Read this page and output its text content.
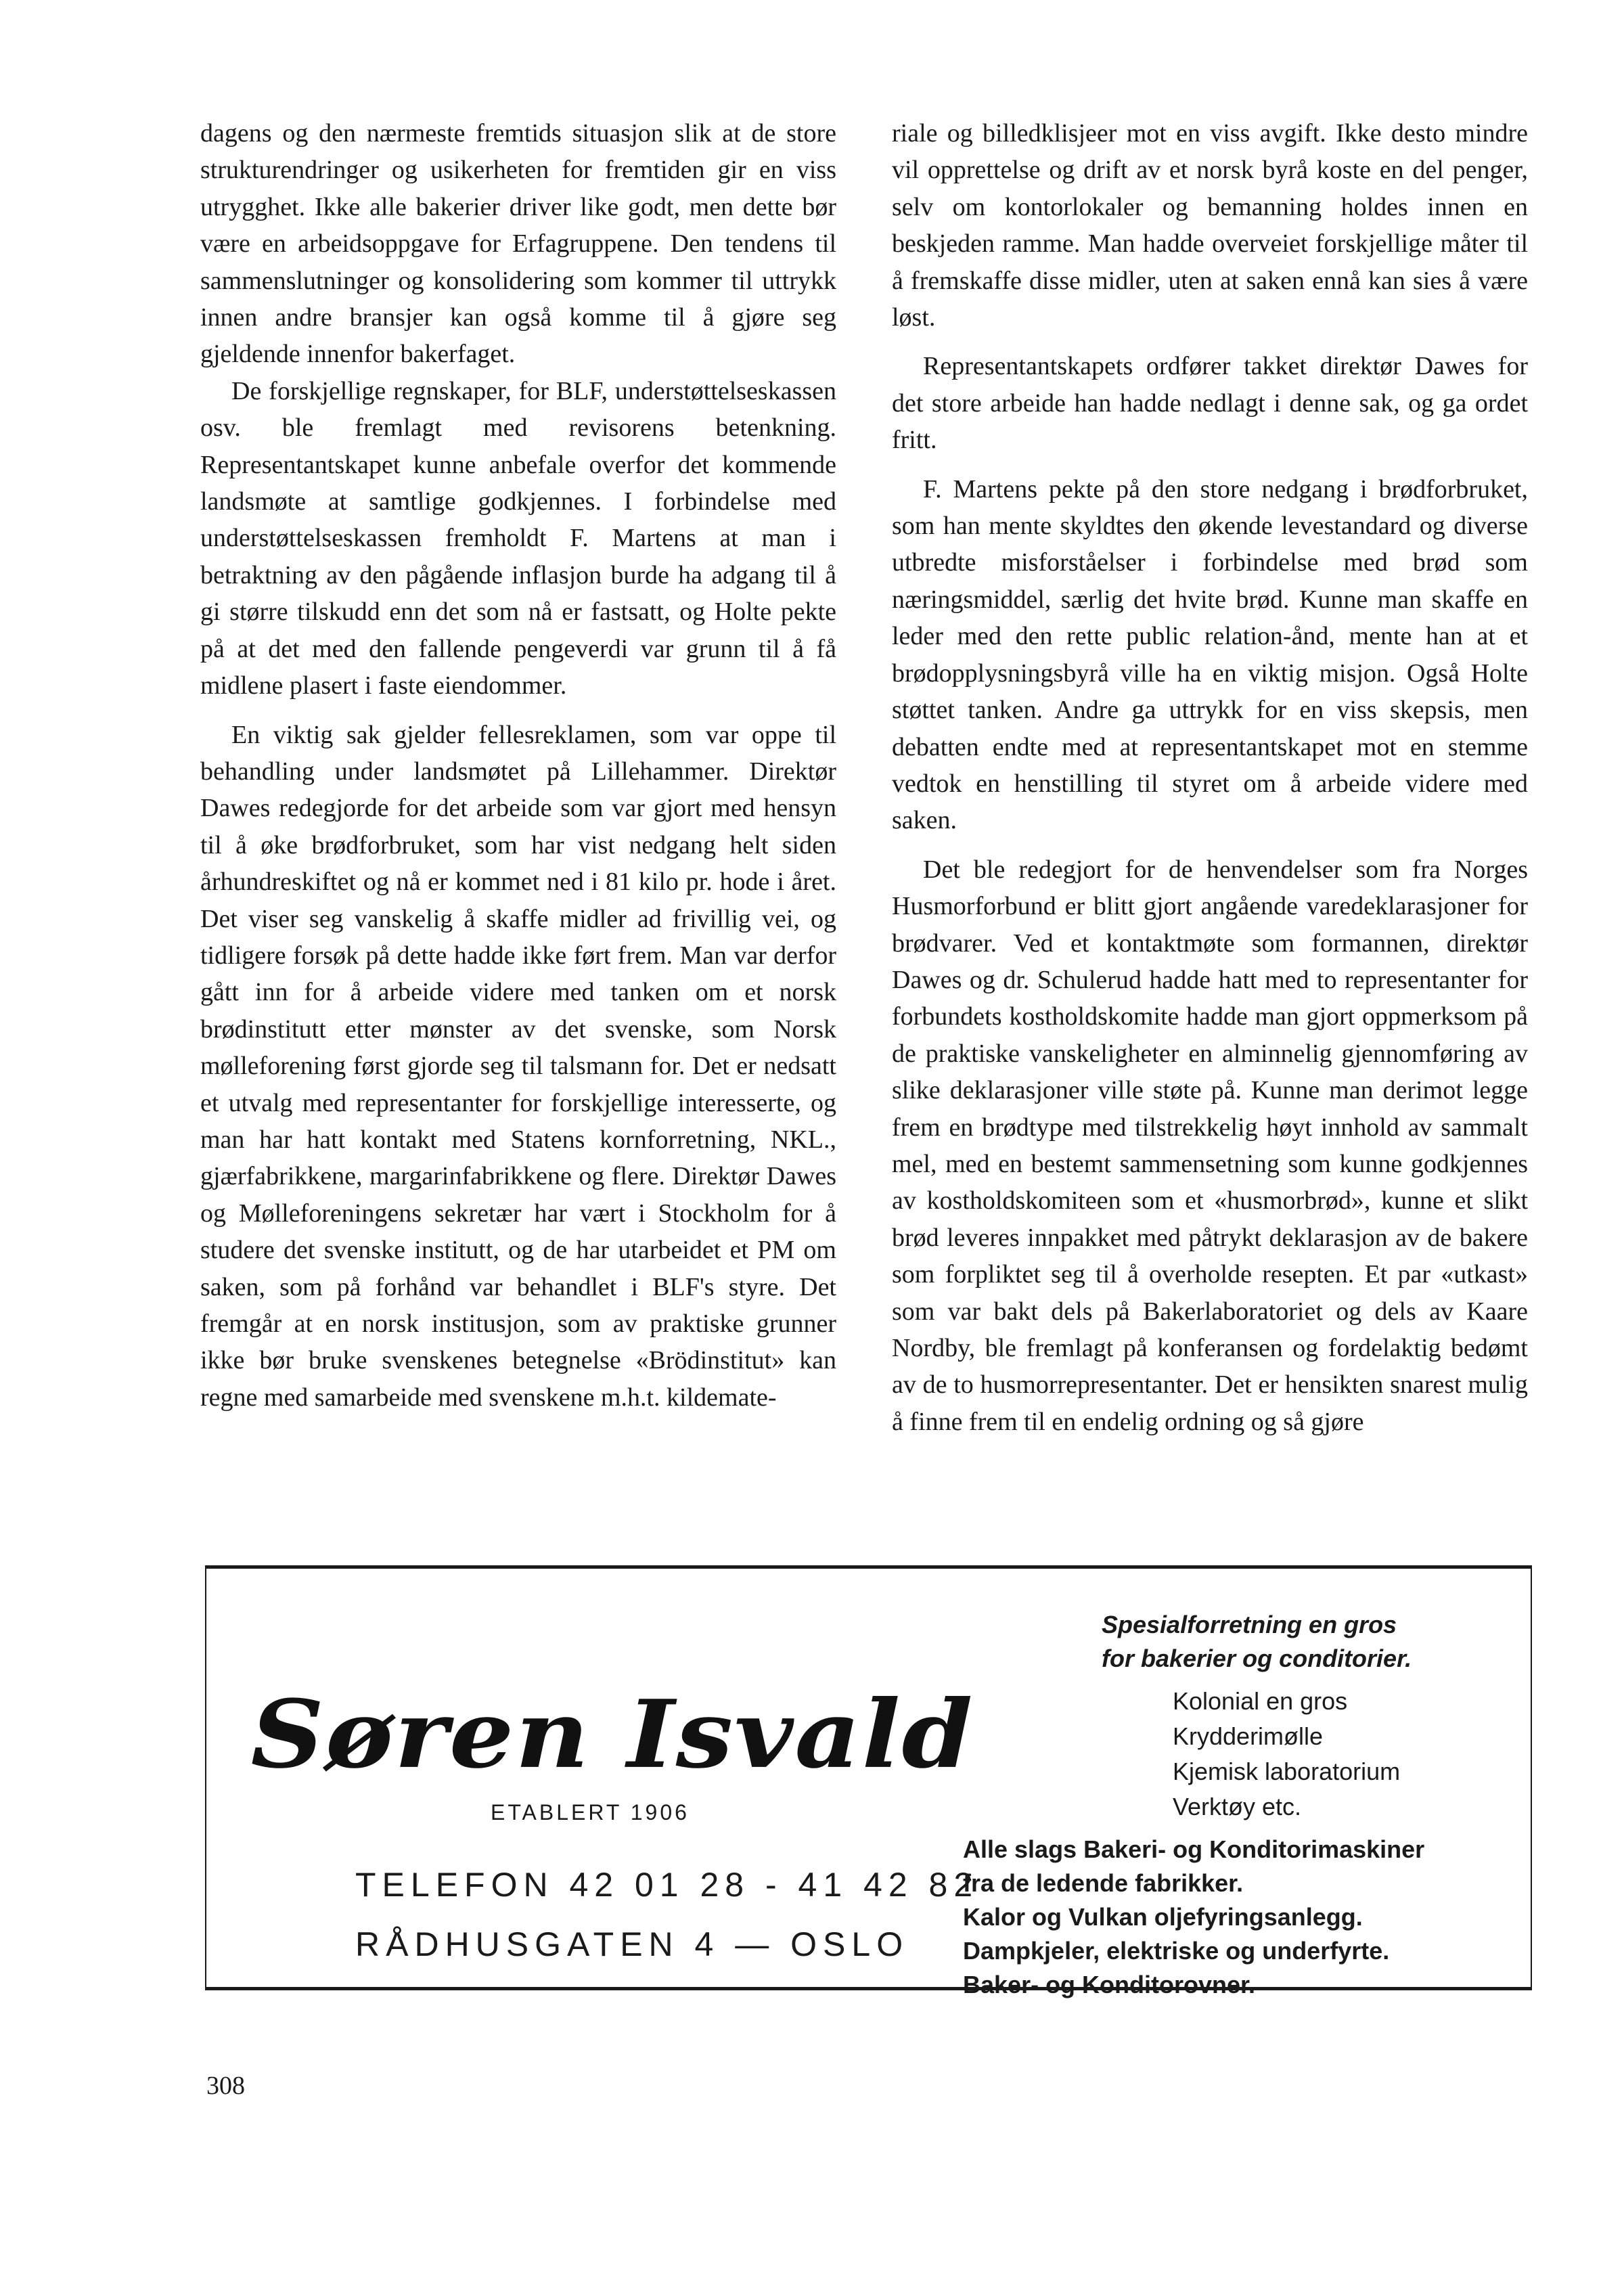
dagens og den nærmeste fremtids situasjon slik at de store strukturendringer og usikerheten for fremtiden gir en viss utrygghet. Ikke alle bakerier driver like godt, men dette bør være en arbeidsoppgave for Erfagruppene. Den tendens til sammenslutninger og konsolidering som kommer til uttrykk innen andre bransjer kan også komme til å gjøre seg gjeldende innenfor bakerfaget.

De forskjellige regnskaper, for BLF, understøttelseskassen osv. ble fremlagt med revisorens betenkning. Representantskapet kunne anbefale overfor det kommende landsmøte at samtlige godkjennes. I forbindelse med understøttelseskassen fremholdt F. Martens at man i betraktning av den pågående inflasjon burde ha adgang til å gi større tilskudd enn det som nå er fastsatt, og Holte pekte på at det med den fallende pengeverdi var grunn til å få midlene plasert i faste eiendommer.

En viktig sak gjelder fellesreklamen, som var oppe til behandling under landsmøtet på Lillehammer. Direktør Dawes redegjorde for det arbeide som var gjort med hensyn til å øke brødforbruket, som har vist nedgang helt siden århundreskiftet og nå er kommet ned i 81 kilo pr. hode i året. Det viser seg vanskelig å skaffe midler ad frivillig vei, og tidligere forsøk på dette hadde ikke ført frem. Man var derfor gått inn for å arbeide videre med tanken om et norsk brødinstitutt etter mønster av det svenske, som Norsk mølleforening først gjorde seg til talsmann for. Det er nedsatt et utvalg med representanter for forskjellige interesserte, og man har hatt kontakt med Statens kornforretning, NKL., gjærfabrikkene, margarinfabrikkene og flere. Direktør Dawes og Mølleforeningens sekretær har vært i Stockholm for å studere det svenske institutt, og de har utarbeidet et PM om saken, som på forhånd var behandlet i BLF's styre. Det fremgår at en norsk institusjon, som av praktiske grunner ikke bør bruke svenskenes betegnelse «Brödinstitut» kan regne med samarbeide med svenskene m.h.t. kildemate-

riale og billedklisjeer mot en viss avgift. Ikke desto mindre vil opprettelse og drift av et norsk byrå koste en del penger, selv om kontorlokaler og bemanning holdes innen en beskjeden ramme. Man hadde overveiet forskjellige måter til å fremskaffe disse midler, uten at saken ennå kan sies å være løst.

Representantskapets ordfører takket direktør Dawes for det store arbeide han hadde nedlagt i denne sak, og ga ordet fritt.

F. Martens pekte på den store nedgang i brødforbruket, som han mente skyldtes den økende levestandard og diverse utbredte misforståelser i forbindelse med brød som næringsmiddel, særlig det hvite brød. Kunne man skaffe en leder med den rette public relation-ånd, mente han at et brødopplysningsbyrå ville ha en viktig misjon. Også Holte støttet tanken. Andre ga uttrykk for en viss skepsis, men debatten endte med at representantskapet mot en stemme vedtok en henstilling til styret om å arbeide videre med saken.

Det ble redegjort for de henvendelser som fra Norges Husmorforbund er blitt gjort angående varedeklarasjoner for brødvarer. Ved et kontaktmøte som formannen, direktør Dawes og dr. Schulerud hadde hatt med to representanter for forbundets kostholdskomite hadde man gjort oppmerksom på de praktiske vanskeligheter en alminnelig gjennomføring av slike deklarasjoner ville støte på. Kunne man derimot legge frem en brødtype med tilstrekkelig høyt innhold av sammalt mel, med en bestemt sammensetning som kunne godkjennes av kostholdskomiteen som et «husmorbrød», kunne et slikt brød leveres innpakket med påtrykt deklarasjon av de bakere som forpliktet seg til å overholde resepten. Et par «utkast» som var bakt dels på Bakerlaboratoriet og dels av Kaare Nordby, ble fremlagt på konferansen og fordelaktig bedømt av de to husmorrepresentanter. Det er hensikten snarest mulig å finne frem til en endelig ordning og så gjøre

Søren Isvald
ETABLERT 1906
TELEFON 42 01 28 - 41 42 82
RÅDHUSGATEN 4 — OSLO
Spesialforretning en gros
for bakerier og conditorier.
Kolonial en gros
Krydderimølle
Kjemisk laboratorium
Verktøy etc.
Alle slags Bakeri- og Konditorimaskiner
fra de ledende fabrikker.
Kalor og Vulkan oljefyringsanlegg.
Dampkjeler, elektriske og underfyrte.
Baker- og Konditorovner.
308
